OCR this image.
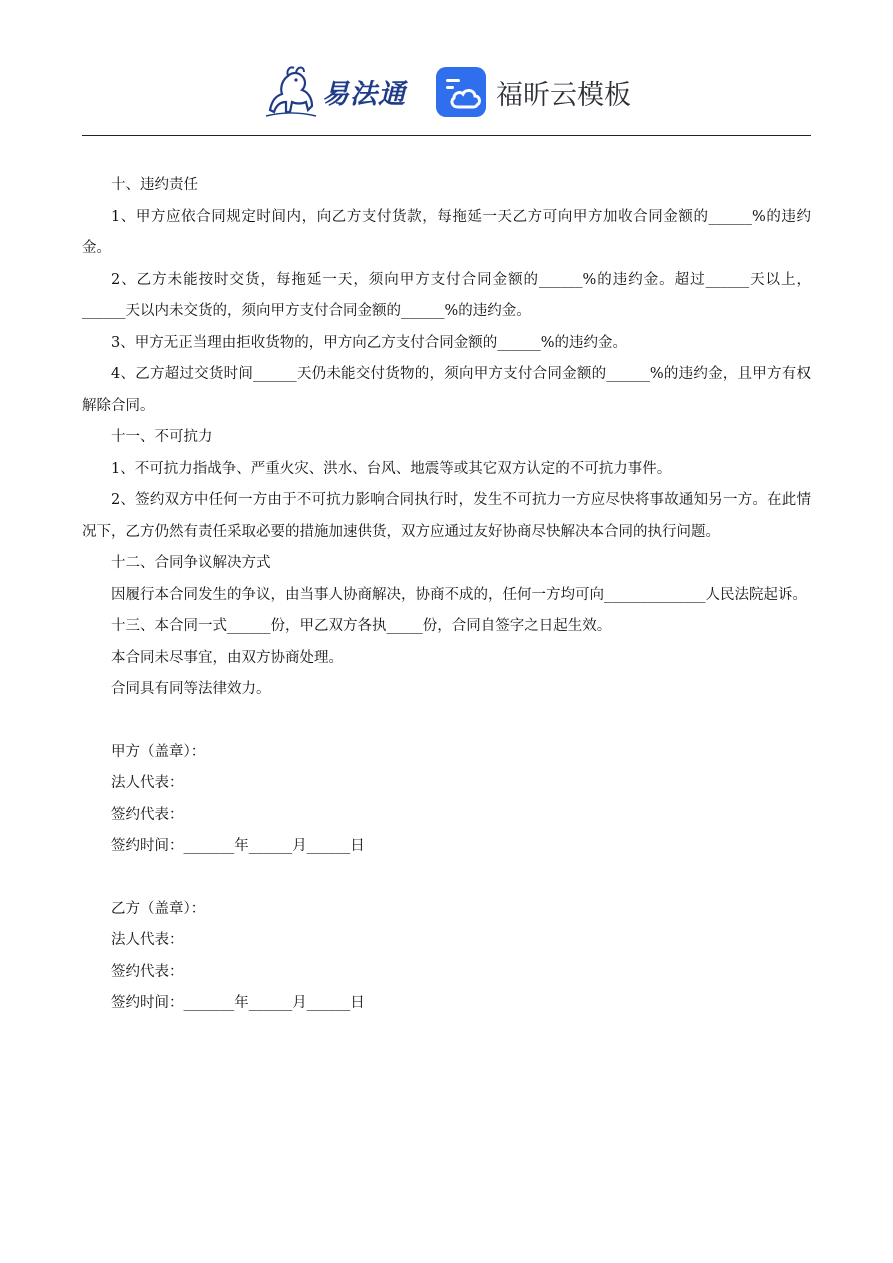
易法通	福昕云模板

十、违约责任

1、甲方应依合同规定时间内，向乙方支付货款，每拖延一天乙方可向甲方加收合同金额的______%的违约金。

2、乙方未能按时交货，每拖延一天，须向甲方支付合同金额的______%的违约金。超过______天以上，______天以内未交货的，须向甲方支付合同金额的______%的违约金。

3、甲方无正当理由拒收货物的，甲方向乙方支付合同金额的______%的违约金。

4、乙方超过交货时间______天仍未能交付货物的，须向甲方支付合同金额的______%的违约金，且甲方有权解除合同。

十一、不可抗力

1、不可抗力指战争、严重火灾、洪水、台风、地震等或其它双方认定的不可抗力事件。

2、签约双方中任何一方由于不可抗力影响合同执行时，发生不可抗力一方应尽快将事故通知另一方。在此情况下，乙方仍然有责任采取必要的措施加速供货，双方应通过友好协商尽快解决本合同的执行问题。

十二、合同争议解决方式

因履行本合同发生的争议，由当事人协商解决，协商不成的，任何一方均可向______________人民法院起诉。

十三、本合同一式______份，甲乙双方各执_____份，合同自签字之日起生效。

本合同未尽事宜，由双方协商处理。

合同具有同等法律效力。

甲方（盖章）：

法人代表：

签约代表：

签约时间：_______年______月______日

乙方（盖章）：

法人代表：

签约代表：

签约时间：_______年______月______日
